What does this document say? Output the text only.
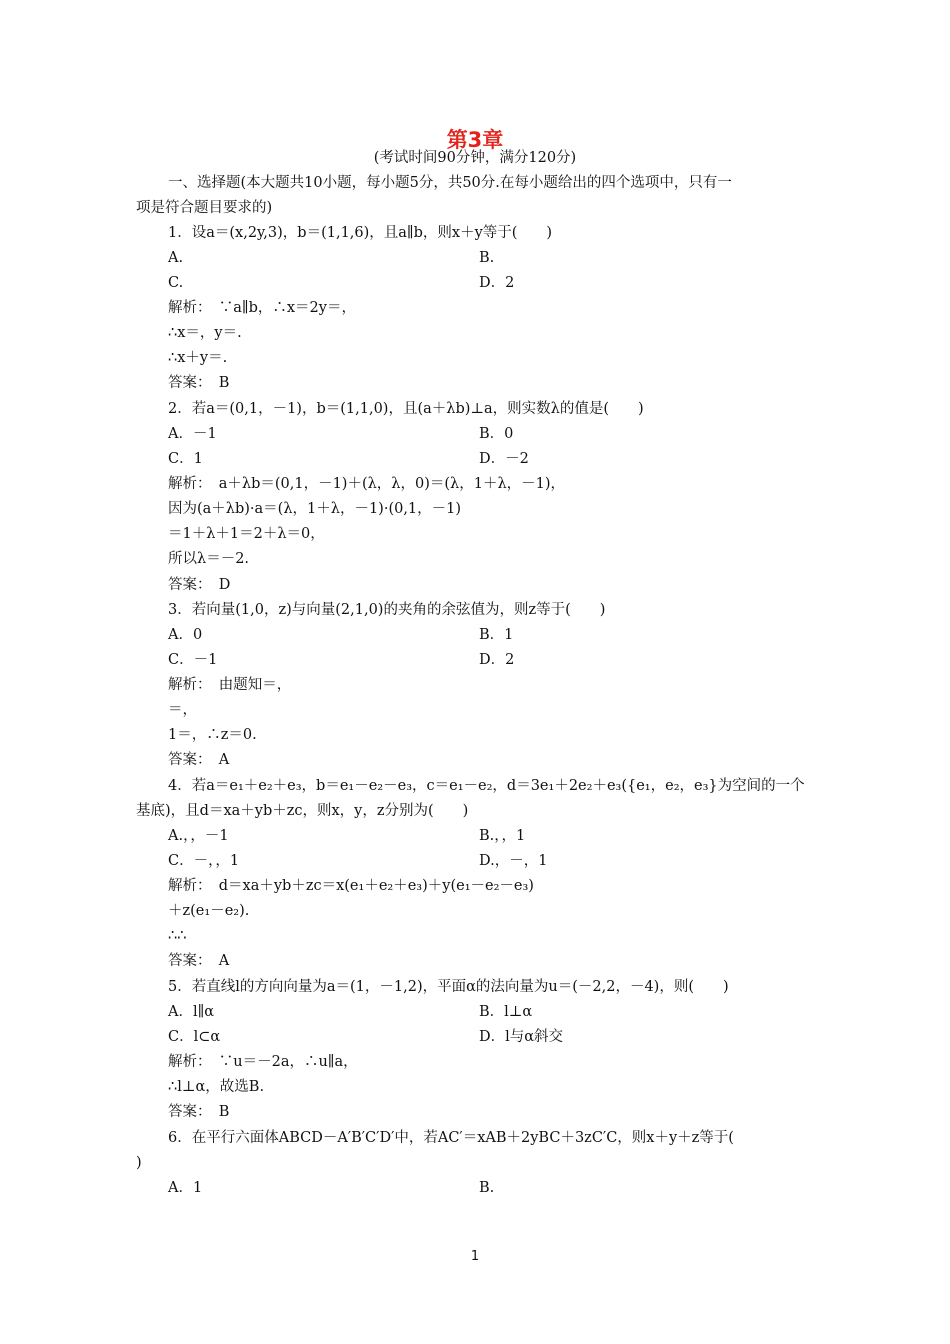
第3章
(考试时间90分钟，满分120分)
一、选择题(本大题共10小题，每小题5分，共50分.在每小题给出的四个选项中，只有一
项是符合题目要求的)
1．设a＝(x,2y,3)，b＝(1,1,6)，且a∥b，则x＋y等于(　　)
A.	B.
C.	D．2
解析：　∵a∥b，∴x＝2y＝，
∴x＝，y＝.
∴x＋y＝.
答案：　B
2．若a＝(0,1，－1)，b＝(1,1,0)，且(a＋λb)⊥a，则实数λ的值是(　　)
A．－1	B．0
C．1	D．－2
解析：　a＋λb＝(0,1，－1)＋(λ，λ，0)＝(λ，1＋λ，－1)，
因为(a＋λb)·a＝(λ，1＋λ，－1)·(0,1，－1)
＝1＋λ＋1＝2＋λ＝0，
所以λ＝－2.
答案：　D
3．若向量(1,0，z)与向量(2,1,0)的夹角的余弦值为，则z等于(　　)
A．0	B．1
C．－1	D．2
解析：　由题知＝，
＝，
1＝，∴z＝0.
答案：　A
4．若a＝e₁＋e₂＋e₃，b＝e₁－e₂－e₃，c＝e₁－e₂，d＝3e₁＋2e₂＋e₃({e₁，e₂，e₃}为空间的一个
基底)，且d＝xa＋yb＋zc，则x，y，z分别为(　　)
A.，，－1	B.，，1
C．－，，1	D.，－，1
解析：　d＝xa＋yb＋zc＝x(e₁＋e₂＋e₃)＋y(e₁－e₂－e₃)
＋z(e₁－e₂).
∴∴
答案：　A
5．若直线l的方向向量为a＝(1，－1,2)，平面α的法向量为u＝(－2,2，－4)，则(　　)
A．l∥α	B．l⊥α
C．l⊂α	D．l与α斜交
解析：　∵u＝－2a，∴u∥a，
∴l⊥α，故选B.
答案：　B
6．在平行六面体ABCD－A′B′C′D′中，若AC′＝xAB＋2yBC＋3zC′C，则x＋y＋z等于(
)
A．1	B.
1
